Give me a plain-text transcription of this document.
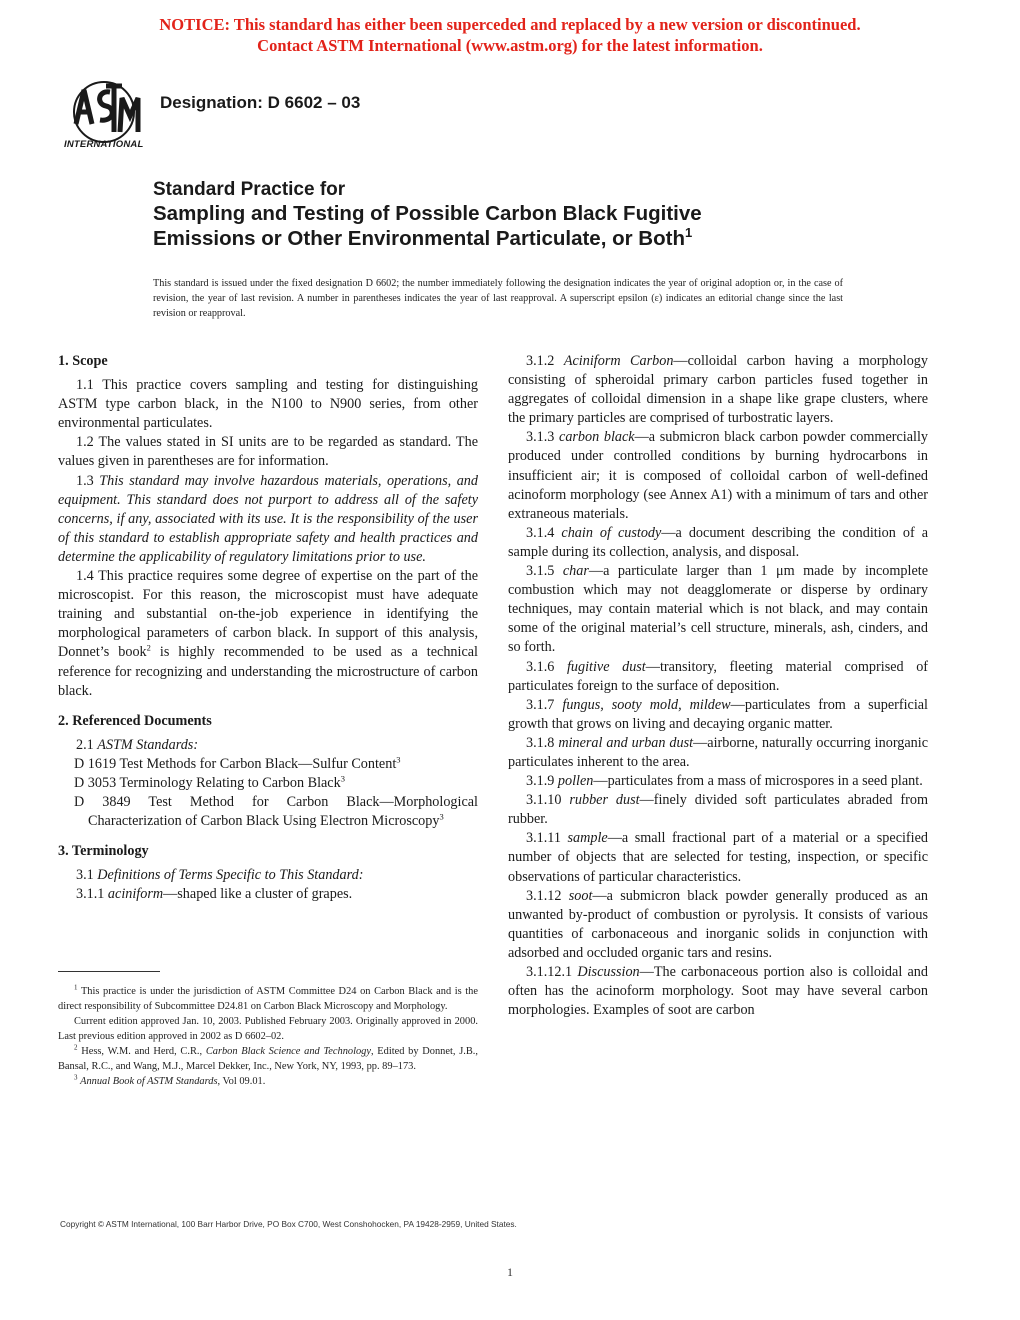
NOTICE: This standard has either been superceded and replaced by a new version or discontinued.
Contact ASTM International (www.astm.org) for the latest information.
INTERNATIONAL
Designation: D 6602 – 03
Standard Practice for
Sampling and Testing of Possible Carbon Black Fugitive
Emissions or Other Environmental Particulate, or Both$^1$
This standard is issued under the fixed designation D 6602; the number immediately following the designation indicates the year of original adoption or, in the case of revision, the year of last revision. A number in parentheses indicates the year of last reapproval. A superscript epsilon (ε) indicates an editorial change since the last revision or reapproval.

1. Scope

1.1 This practice covers sampling and testing for distinguishing ASTM type carbon black, in the N100 to N900 series, from other environmental particulates.

1.2 The values stated in SI units are to be regarded as standard. The values given in parentheses are for information.

1.3 This standard may involve hazardous materials, operations, and equipment. This standard does not purport to address all of the safety concerns, if any, associated with its use. It is the responsibility of the user of this standard to establish appropriate safety and health practices and determine the applicability of regulatory limitations prior to use.

1.4 This practice requires some degree of expertise on the part of the microscopist. For this reason, the microscopist must have adequate training and substantial on-the-job experience in identifying the morphological parameters of carbon black. In support of this analysis, Donnet’s book$^2$ is highly recommended to be used as a technical reference for recognizing and understanding the microstructure of carbon black.

2. Referenced Documents

2.1 ASTM Standards:

D 1619 Test Methods for Carbon Black—Sulfur Content$^3$

D 3053 Terminology Relating to Carbon Black$^3$

D 3849 Test Method for Carbon Black—Morphological Characterization of Carbon Black Using Electron Microscopy$^3$

3. Terminology

3.1 Definitions of Terms Specific to This Standard:

3.1.1 aciniform—shaped like a cluster of grapes.

3.1.2 Aciniform Carbon—colloidal carbon having a morphology consisting of spheroidal primary carbon particles fused together in aggregates of colloidal dimension in a shape like grape clusters, where the primary particles are comprised of turbostratic layers.

3.1.3 carbon black—a submicron black carbon powder commercially produced under controlled conditions by burning hydrocarbons in insufficient air; it is composed of colloidal carbon of well-defined acinoform morphology (see Annex A1) with a minimum of tars and other extraneous materials.

3.1.4 chain of custody—a document describing the condition of a sample during its collection, analysis, and disposal.

3.1.5 char—a particulate larger than 1 μm made by incomplete combustion which may not deagglomerate or disperse by ordinary techniques, may contain material which is not black, and may contain some of the original material’s cell structure, minerals, ash, cinders, and so forth.

3.1.6 fugitive dust—transitory, fleeting material comprised of particulates foreign to the surface of deposition.

3.1.7 fungus, sooty mold, mildew—particulates from a superficial growth that grows on living and decaying organic matter.

3.1.8 mineral and urban dust—airborne, naturally occurring inorganic particulates inherent to the area.

3.1.9 pollen—particulates from a mass of microspores in a seed plant.

3.1.10 rubber dust—finely divided soft particulates abraded from rubber.

3.1.11 sample—a small fractional part of a material or a specified number of objects that are selected for testing, inspection, or specific observations of particular characteristics.

3.1.12 soot—a submicron black powder generally produced as an unwanted by-product of combustion or pyrolysis. It consists of various quantities of carbonaceous and inorganic solids in conjunction with adsorbed and occluded organic tars and resins.

3.1.12.1 Discussion—The carbonaceous portion also is colloidal and often has the acinoform morphology. Soot may have several carbon morphologies. Examples of soot are carbon

$^1$ This practice is under the jurisdiction of ASTM Committee D24 on Carbon Black and is the direct responsibility of Subcommittee D24.81 on Carbon Black Microscopy and Morphology.

Current edition approved Jan. 10, 2003. Published February 2003. Originally approved in 2000. Last previous edition approved in 2002 as D 6602–02.

$^2$ Hess, W.M. and Herd, C.R., Carbon Black Science and Technology, Edited by Donnet, J.B., Bansal, R.C., and Wang, M.J., Marcel Dekker, Inc., New York, NY, 1993, pp. 89–173.

$^3$ Annual Book of ASTM Standards, Vol 09.01.

Copyright © ASTM International, 100 Barr Harbor Drive, PO Box C700, West Conshohocken, PA 19428-2959, United States.
1
